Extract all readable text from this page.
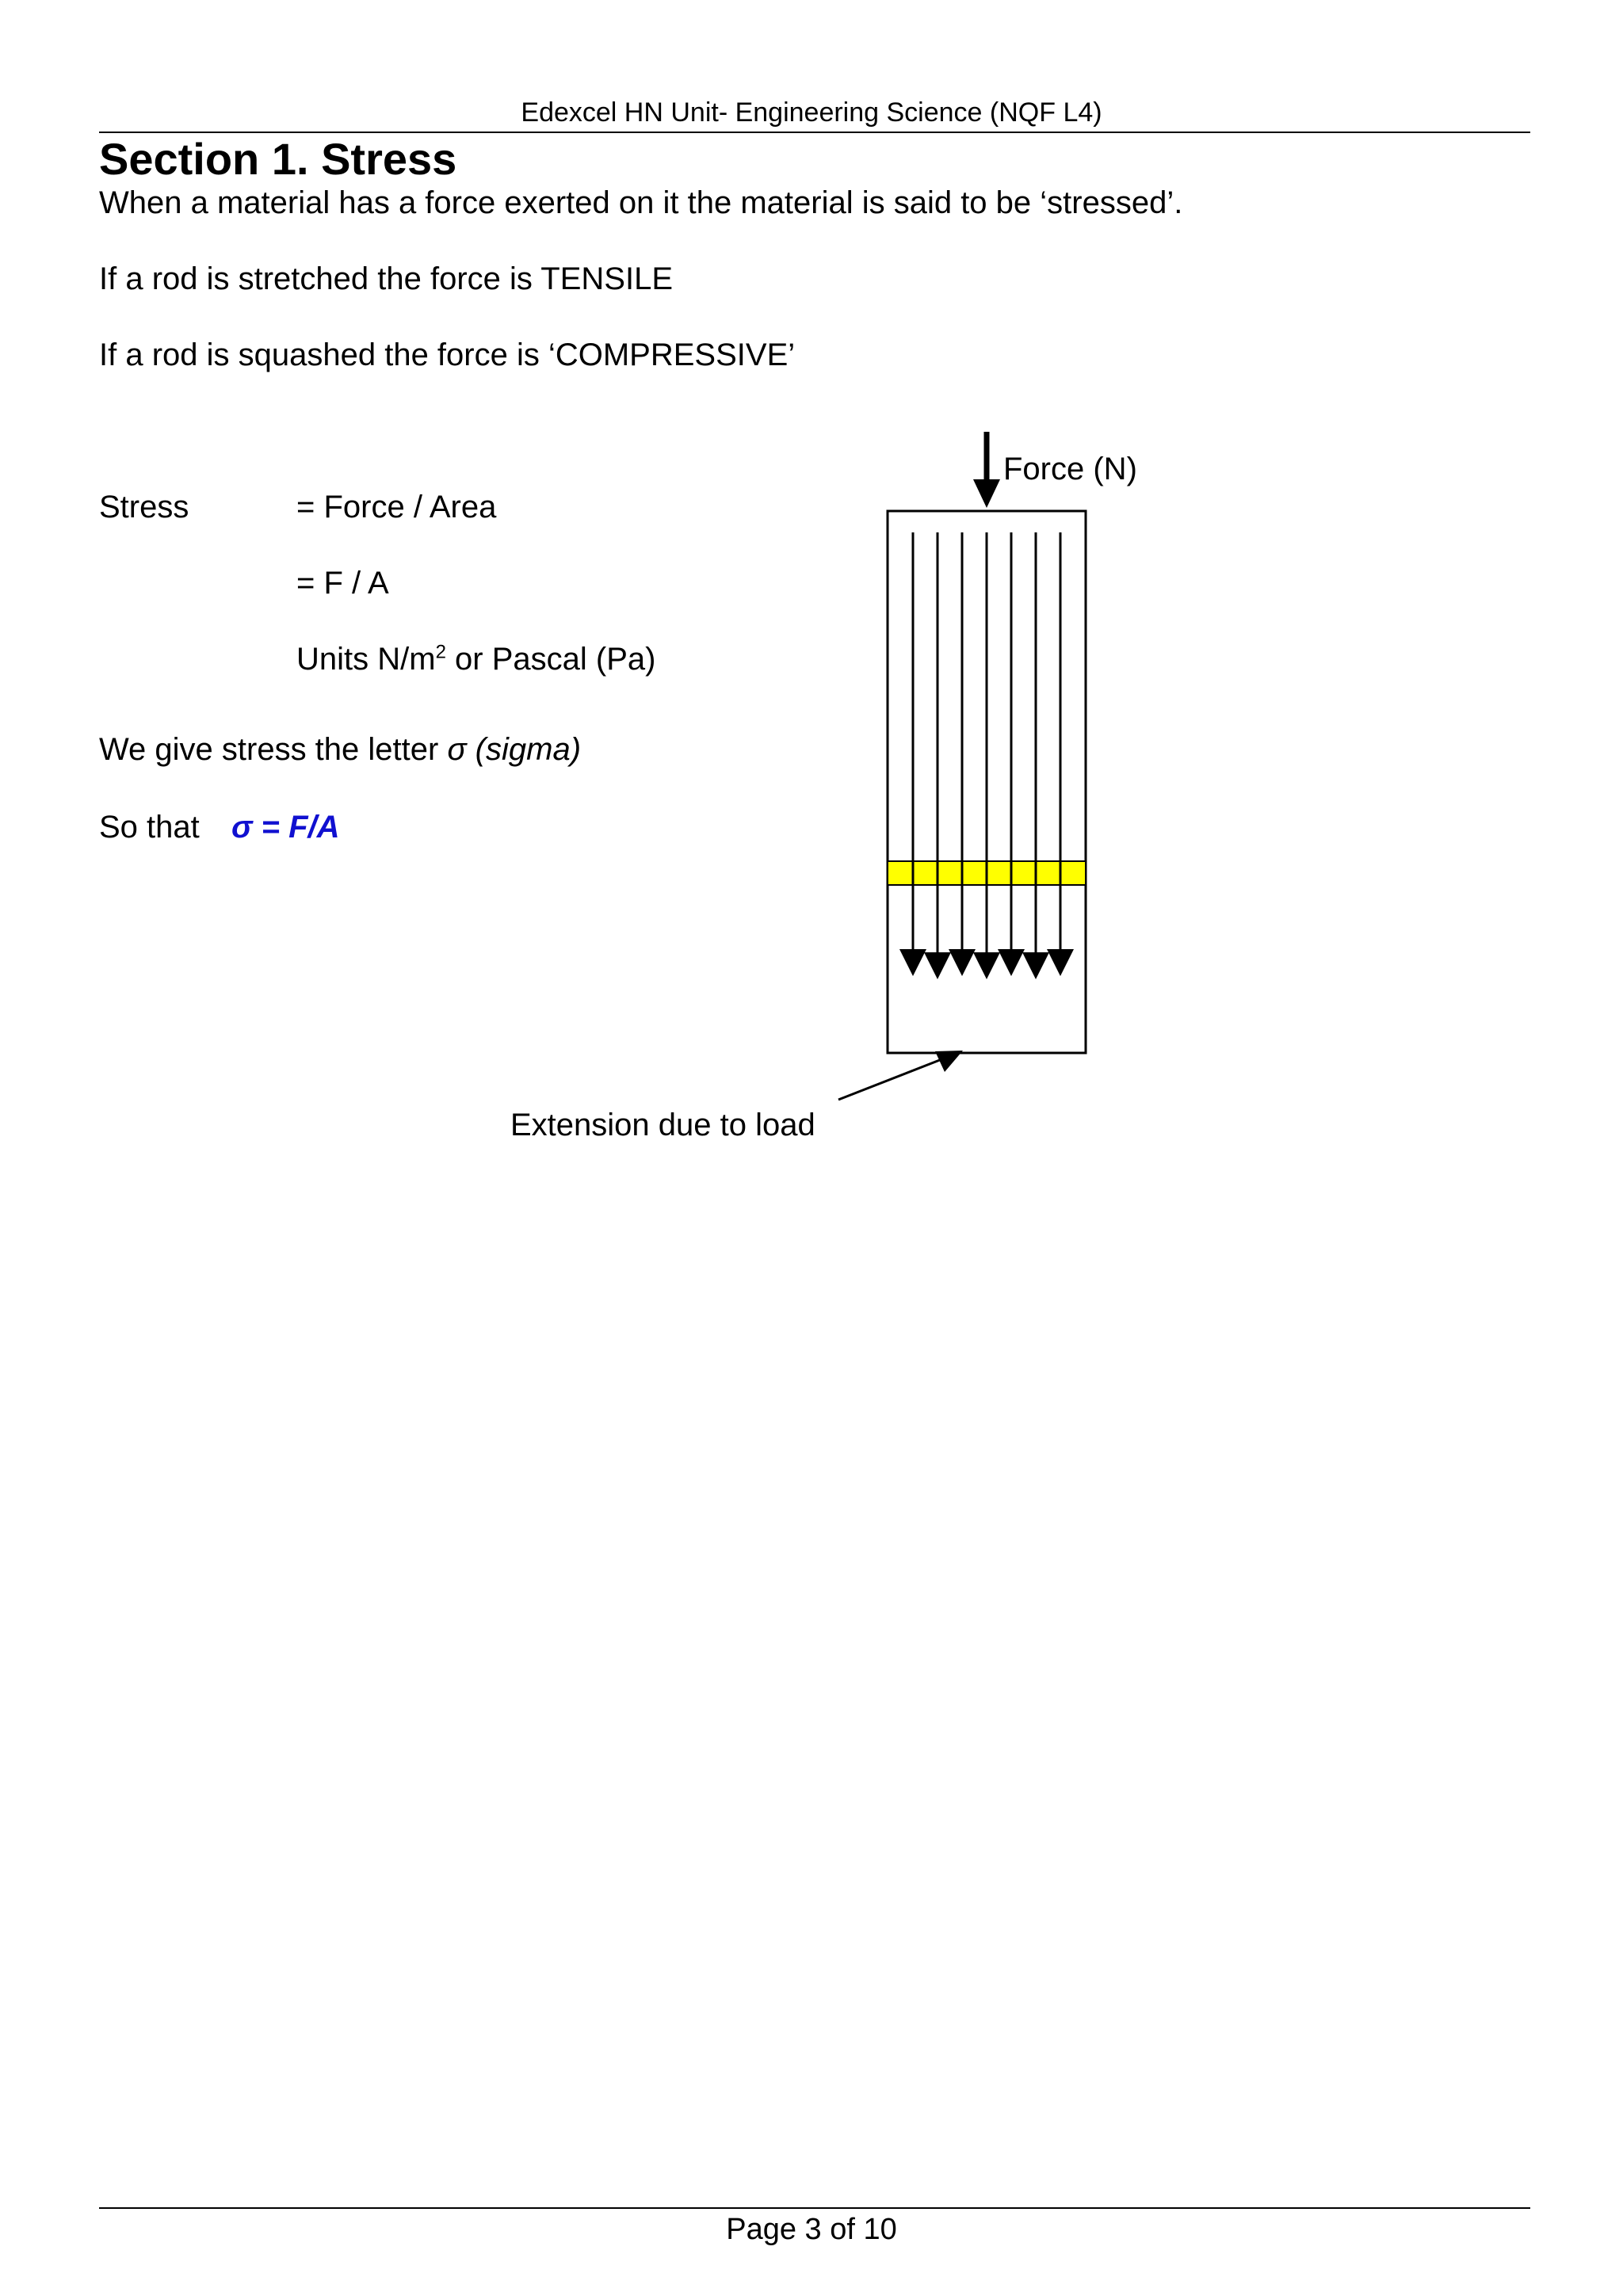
Edexcel HN Unit- Engineering Science (NQF L4)
Section 1. Stress
When a material has a force exerted on it the material is said to be ‘stressed’.
If a rod is stretched the force is TENSILE
If a rod is squashed the force is ‘COMPRESSIVE’
Stress	= Force / Area
= F / A
Units $N/m^2$ or Pascal (Pa)
We give stress the letter σ (sigma)
So that σ = F/A
Force (N)
Extension due to load
Page 3 of 10
